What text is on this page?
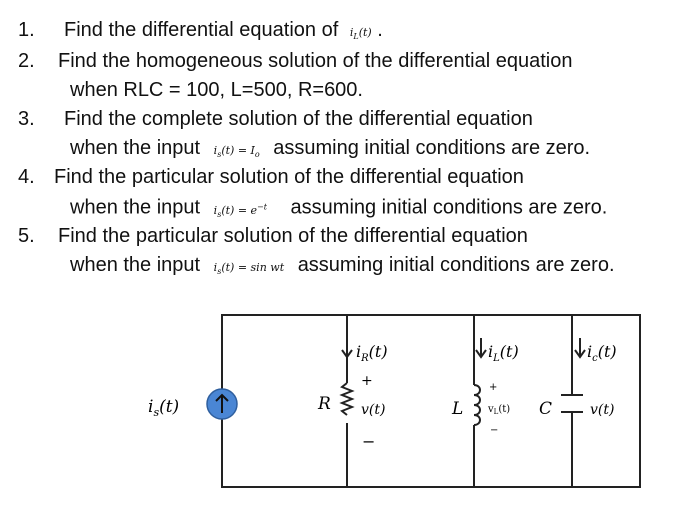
1.	Find the differential equation of $i_L(t)$ .
2.	Find the homogeneous solution of the differential equation
when RLC = 100, L=500, R=600.
3.	Find the complete solution of the differential equation
when the input $i_s(t) = I_o$ assuming initial conditions are zero.
4. Find the particular solution of the differential equation
when the input $i_s(t) = e^{-t}$ assuming initial conditions are zero.
5.	Find the particular solution of the differential equation
when the input $i_s(t) = \sin$ wt assuming initial conditions are zero.
$i_s(t)$	R
$i_R(t)$
+
v(t)
−
L
$i_L(t)$
+
$v_L(t)$
−
C	v(t)
$i_c(t)$
